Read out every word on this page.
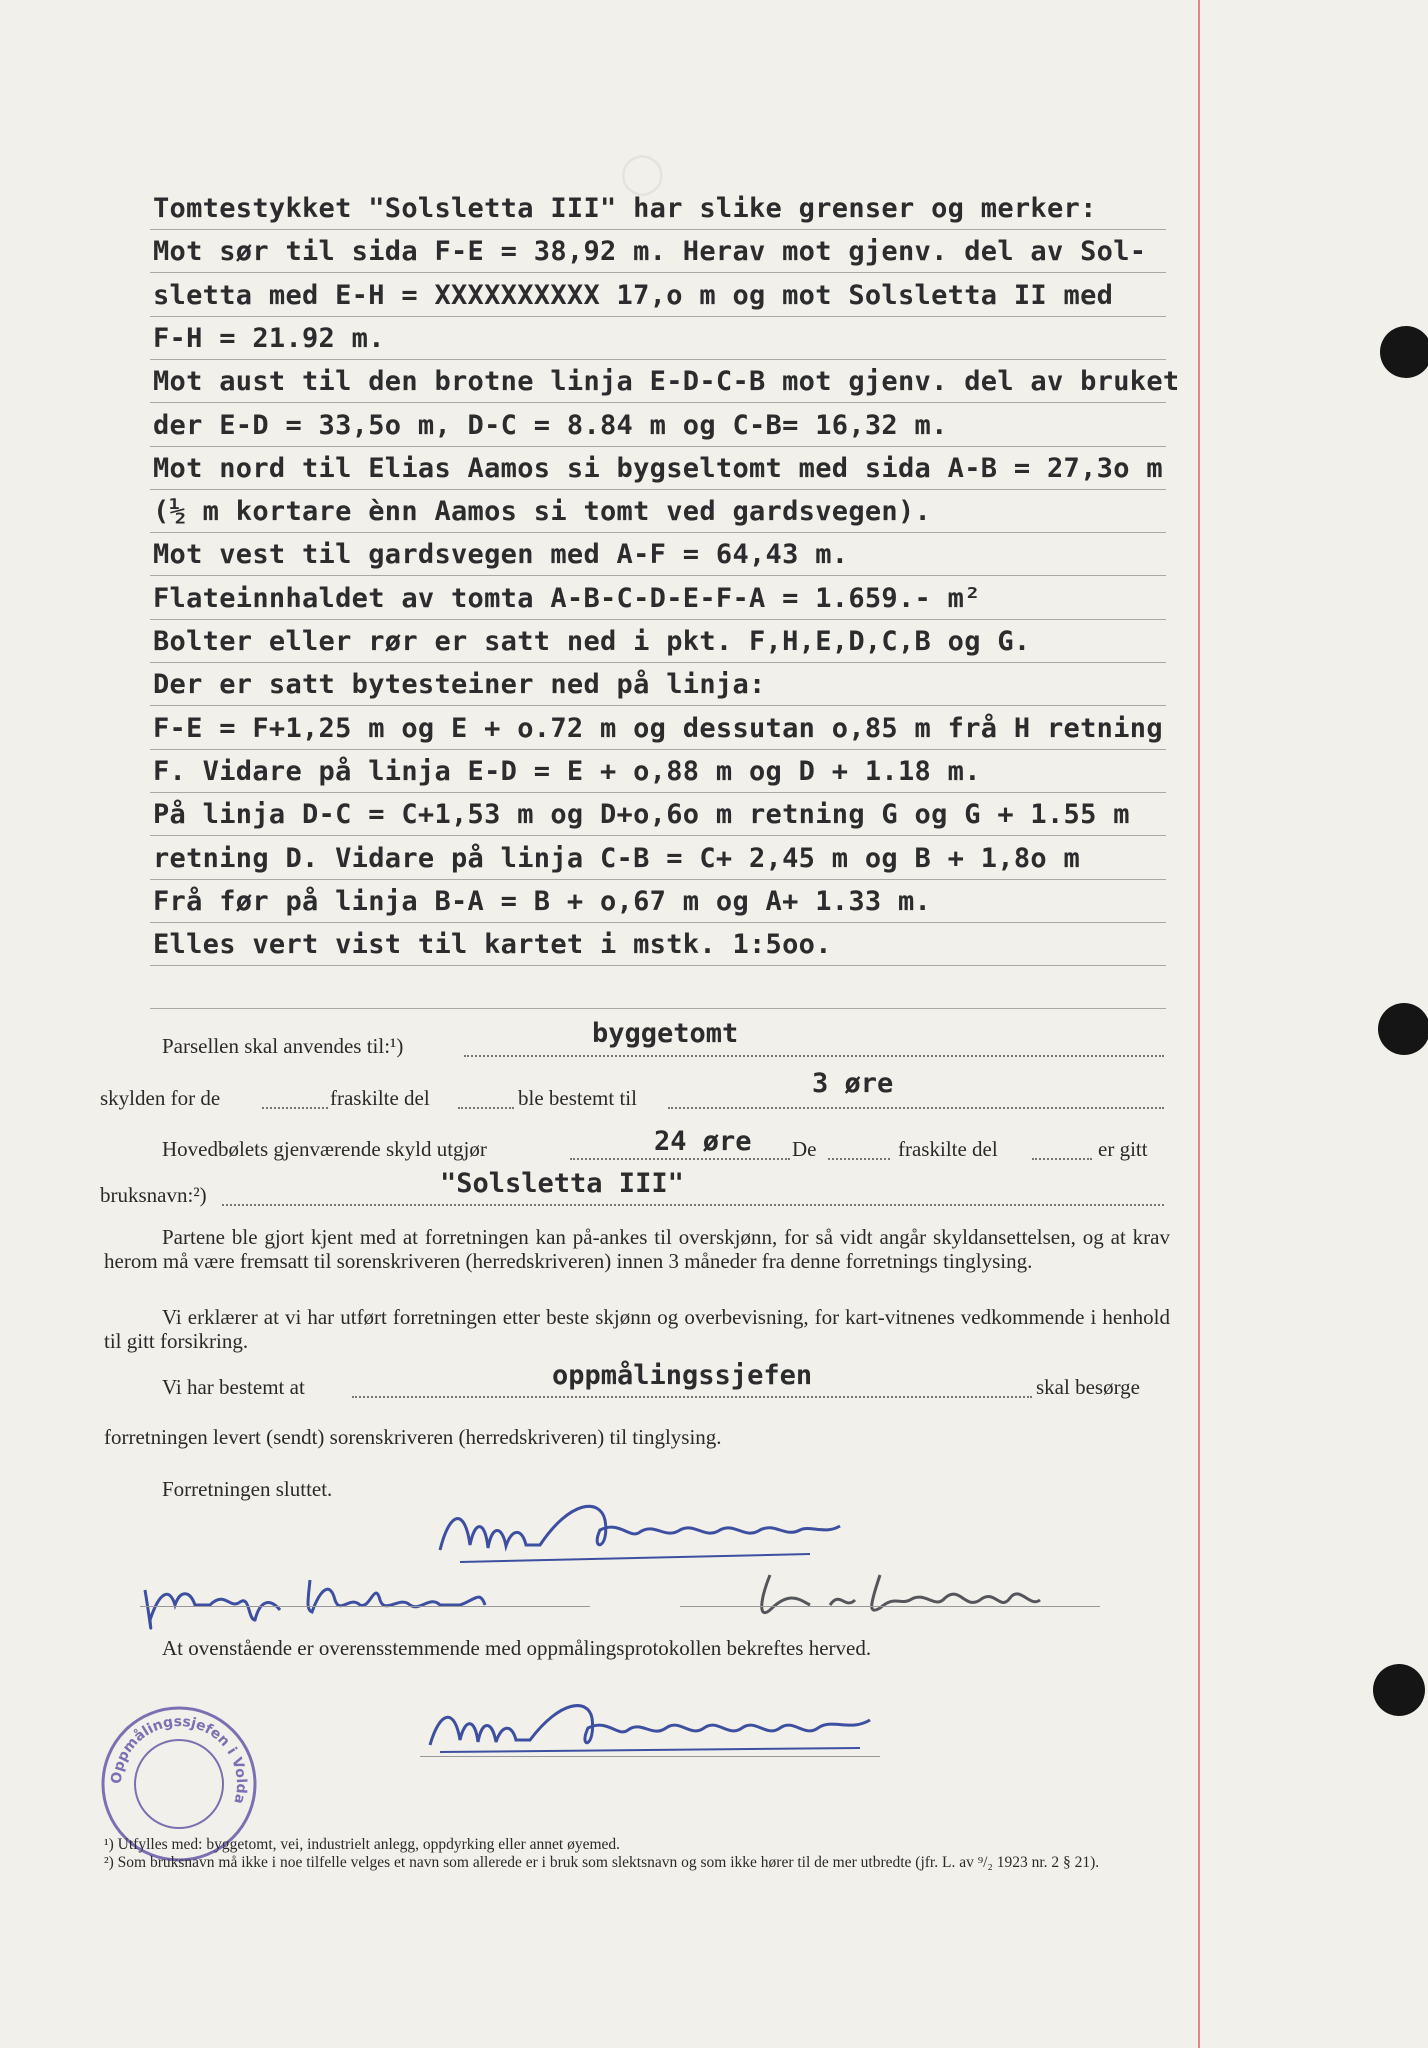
◯
Tomtestykket "Solsletta III" har slike grenser og merker:
Mot sør til sida F-E = 38,92 m. Herav mot gjenv. del av Sol-
sletta med E-H = XXXXXXXXXX 17,o m og mot Solsletta II med
F-H = 21.92 m.
Mot aust til den brotne linja E-D-C-B mot gjenv. del av bruket
der E-D = 33,5o m, D-C = 8.84 m og C-B= 16,32 m.
Mot nord til Elias Aamos si bygseltomt med sida A-B = 27,3o m
(½ m kortare ènn Aamos si tomt ved gardsvegen).
Mot vest til gardsvegen med A-F = 64,43 m.
Flateinnhaldet av tomta A-B-C-D-E-F-A = 1.659.- m²
Bolter eller rør er satt ned i pkt. F,H,E,D,C,B og G.
Der er satt bytesteiner ned på linja:
F-E = F+1,25 m og E + o.72 m og dessutan o,85 m frå H retning
F. Vidare på linja E-D = E + o,88 m og D + 1.18 m.
På linja D-C = C+1,53 m og D+o,6o m retning G og G + 1.55 m
retning D. Vidare på linja C-B = C+ 2,45 m og B + 1,8o m
Frå før på linja B-A = B + o,67 m og A+ 1.33 m.
Elles vert vist til kartet i mstk. 1:5oo.
Parsellen skal anvendes til:¹)	byggetomt
skylden for de	fraskilte del	ble bestemt til	3 øre
Hovedbølets gjenværende skyld utgjør	24 øre De	fraskilte del	er gitt
bruksnavn:²)	"Solsletta III"
Partene ble gjort kjent med at forretningen kan på-ankes til overskjønn, for så vidt angår skyldansettelsen, og at krav herom må være fremsatt til sorenskriveren (herredskriveren) innen 3 måneder fra denne forretnings tinglysing.
Vi erklærer at vi har utført forretningen etter beste skjønn og overbevisning, for kart-vitnenes vedkommende i henhold til gitt forsikring.
Vi har bestemt at	oppmålingssjefen	skal besørge
forretningen levert (sendt) sorenskriveren (herredskriveren) til tinglysing.
Forretningen sluttet.
At ovenstående er overensstemmende med oppmålingsprotokollen bekreftes herved.
Oppmålingssjefen i Volda
¹) Utfylles med: byggetomt, vei, industrielt anlegg, oppdyrking eller annet øyemed.
²) Som bruksnavn må ikke i noe tilfelle velges et navn som allerede er i bruk som slektsnavn og som ikke hører til de mer utbredte (jfr. L. av ⁹/₂ 1923 nr. 2 § 21).
